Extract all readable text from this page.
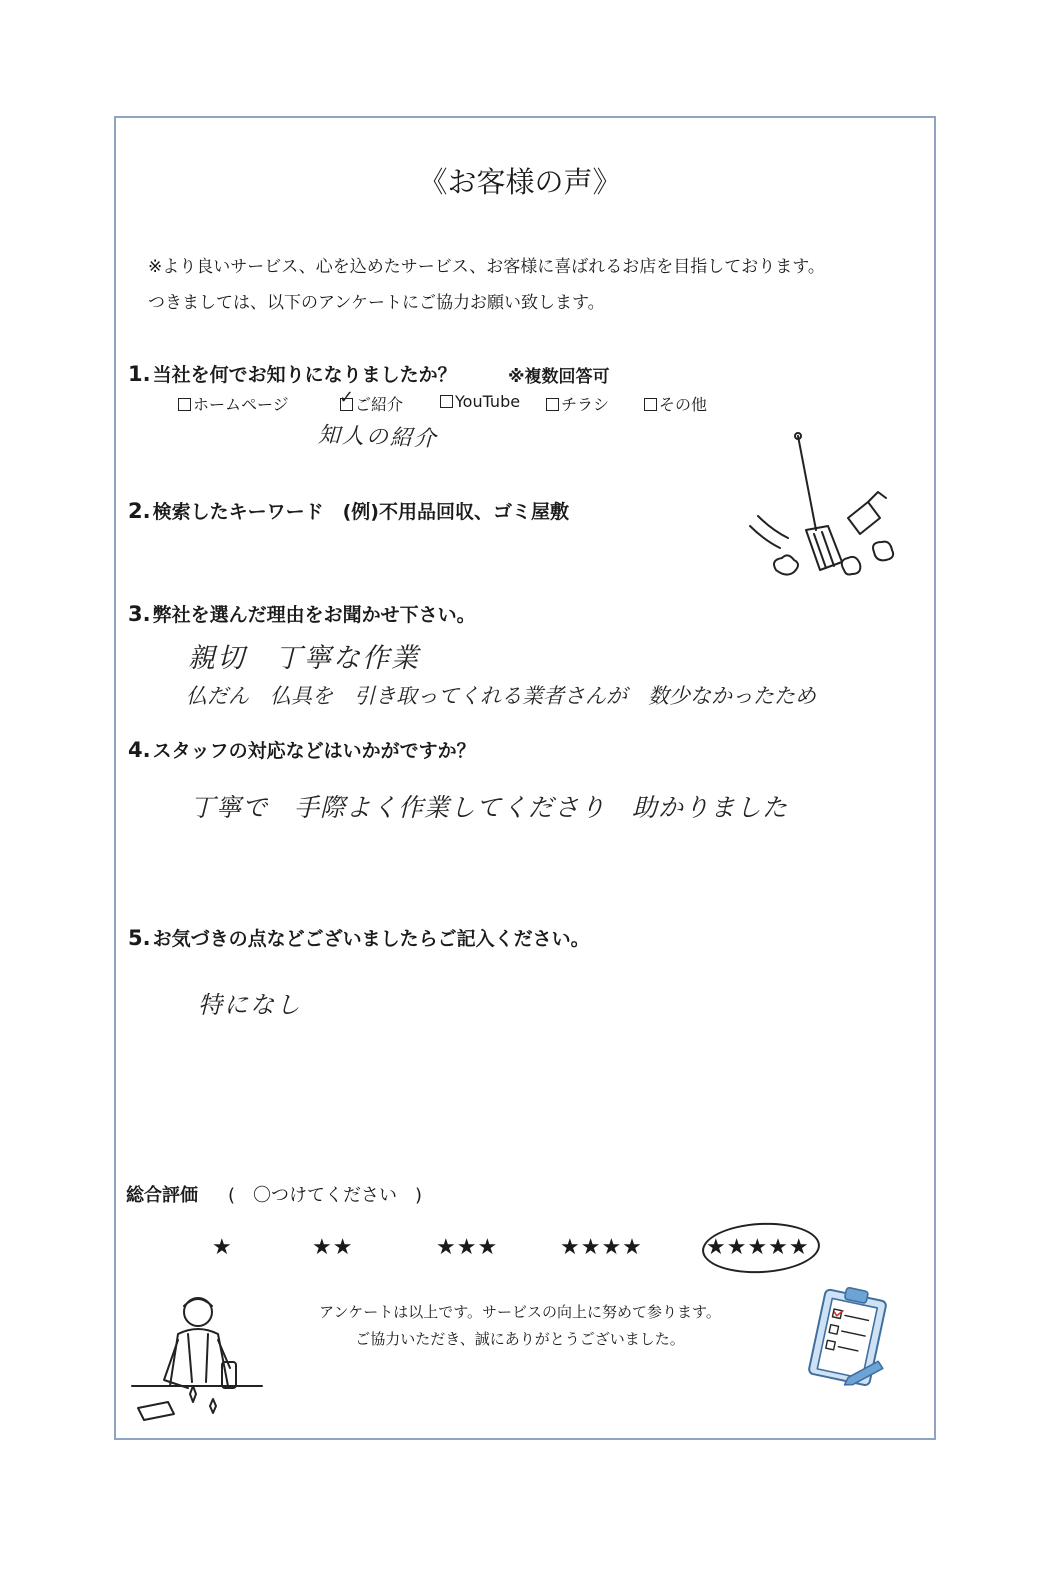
《お客様の声》
※より良いサービス、心を込めたサービス、お客様に喜ばれるお店を目指しております。
つきましては、以下のアンケートにご協力お願い致します。
1. 当社を何でお知りになりましたか？	※複数回答可
ホームページ	✓ ご紹介	YouTube	チラシ	その他
知人の紹介
2. 検索したキーワード　(例)不用品回収、ゴミ屋敷
3. 弊社を選んだ理由をお聞かせ下さい。
親切　丁寧な作業
仏だん　仏具を　引き取ってくれる業者さんが　数少なかったため
4. スタッフの対応などはいかがですか？
丁寧で　手際よく作業してくださり　助かりました
5. お気づきの点などございましたらご記入ください。
特になし
総合評価 (　〇つけてください　)
★	★★	★★★	★★★★	★★★★★
アンケートは以上です。サービスの向上に努めて参ります。
ご協力いただき、誠にありがとうございました。
